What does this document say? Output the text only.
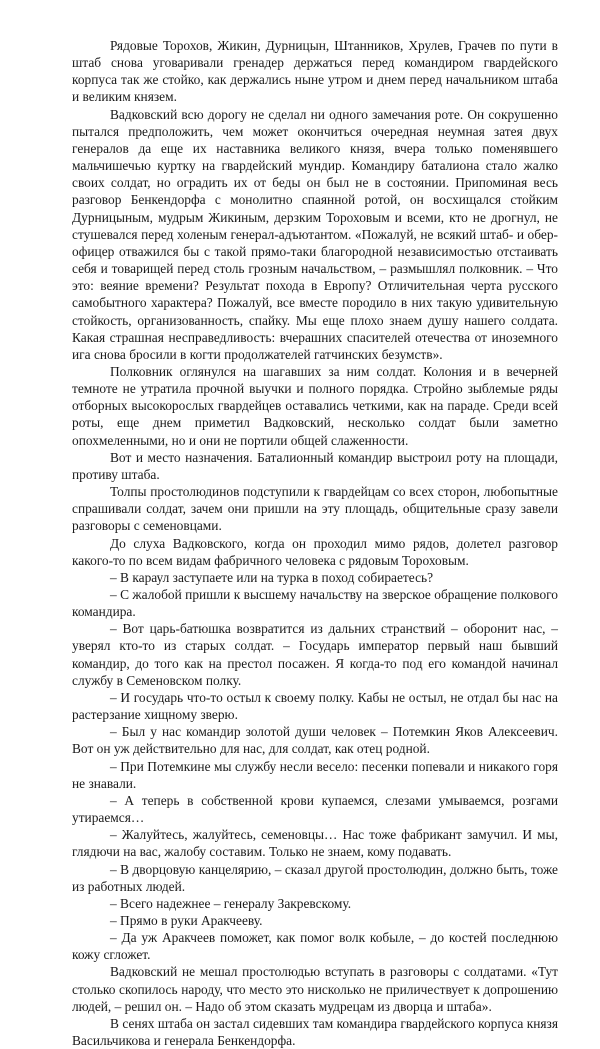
Рядовые Торохов, Жикин, Дурницын, Штанников, Хрулев, Грачев по пути в штаб снова уговаривали гренадер держаться перед командиром гвардейского корпуса так же стойко, как держались ныне утром и днем перед начальником штаба и великим князем.

Вадковский всю дорогу не сделал ни одного замечания роте. Он сокрушенно пытался предположить, чем может окончиться очередная неумная затея двух генералов да еще их наставника великого князя, вчера только поменявшего мальчишечью куртку на гвардейский мундир. Командиру баталиона стало жалко своих солдат, но оградить их от беды он был не в состоянии. Припоминая весь разговор Бенкендорфа с монолитно спаянной ротой, он восхищался стойким Дурницыным, мудрым Жикиным, дерзким Тороховым и всеми, кто не дрогнул, не стушевался перед холеным генерал-адъютантом. «Пожалуй, не всякий штаб- и обер-офицер отважился бы с такой прямо-таки благородной независимостью отстаивать себя и товарищей перед столь грозным начальством, – размышлял полковник. – Что это: веяние времени? Результат похода в Европу? Отличительная черта русского самобытного характера? Пожалуй, все вместе породило в них такую удивительную стойкость, организованность, спайку. Мы еще плохо знаем душу нашего солдата. Какая страшная несправедливость: вчерашних спасителей отечества от иноземного ига снова бросили в когти продолжателей гатчинских безумств».

Полковник оглянулся на шагавших за ним солдат. Колония и в вечерней темноте не утратила прочной выучки и полного порядка. Стройно зыблемые ряды отборных высокорослых гвардейцев оставались четкими, как на параде. Среди всей роты, еще днем приметил Вадковский, несколько солдат были заметно опохмеленными, но и они не портили общей слаженности.

Вот и место назначения. Баталионный командир выстроил роту на площади, противу штаба.

Толпы простолюдинов подступили к гвардейцам со всех сторон, любопытные спрашивали солдат, зачем они пришли на эту площадь, общительные сразу завели разговоры с семеновцами.

До слуха Вадковского, когда он проходил мимо рядов, долетел разговор какого-то по всем видам фабричного человека с рядовым Тороховым.

– В караул заступаете или на турка в поход собираетесь?

– С жалобой пришли к высшему начальству на зверское обращение полкового командира.

– Вот царь-батюшка возвратится из дальних странствий – оборонит нас, – уверял кто-то из старых солдат. – Государь император первый наш бывший командир, до того как на престол посажен. Я когда-то под его командой начинал службу в Семеновском полку.

– И государь что-то остыл к своему полку. Кабы не остыл, не отдал бы нас на растерзание хищному зверю.

– Был у нас командир золотой души человек – Потемкин Яков Алексеевич. Вот он уж действительно для нас, для солдат, как отец родной.

– При Потемкине мы службу несли весело: песенки попевали и никакого горя не знавали.

– А теперь в собственной крови купаемся, слезами умываемся, розгами утираемся…

– Жалуйтесь, жалуйтесь, семеновцы… Нас тоже фабрикант замучил. И мы, глядючи на вас, жалобу составим. Только не знаем, кому подавать.

– В дворцовую канцелярию, – сказал другой простолюдин, должно быть, тоже из работных людей.

– Всего надежнее – генералу Закревскому.

– Прямо в руки Аракчееву.

– Да уж Аракчеев поможет, как помог волк кобыле, – до костей последнюю кожу сгложет.

Вадковский не мешал простолюдью вступать в разговоры с солдатами. «Тут столько скопилось народу, что место это нисколько не приличествует к допрошению людей, – решил он. – Надо об этом сказать мудрецам из дворца и штаба».

В сенях штаба он застал сидевших там командира гвардейского корпуса князя Васильчикова и генерала Бенкендорфа.
